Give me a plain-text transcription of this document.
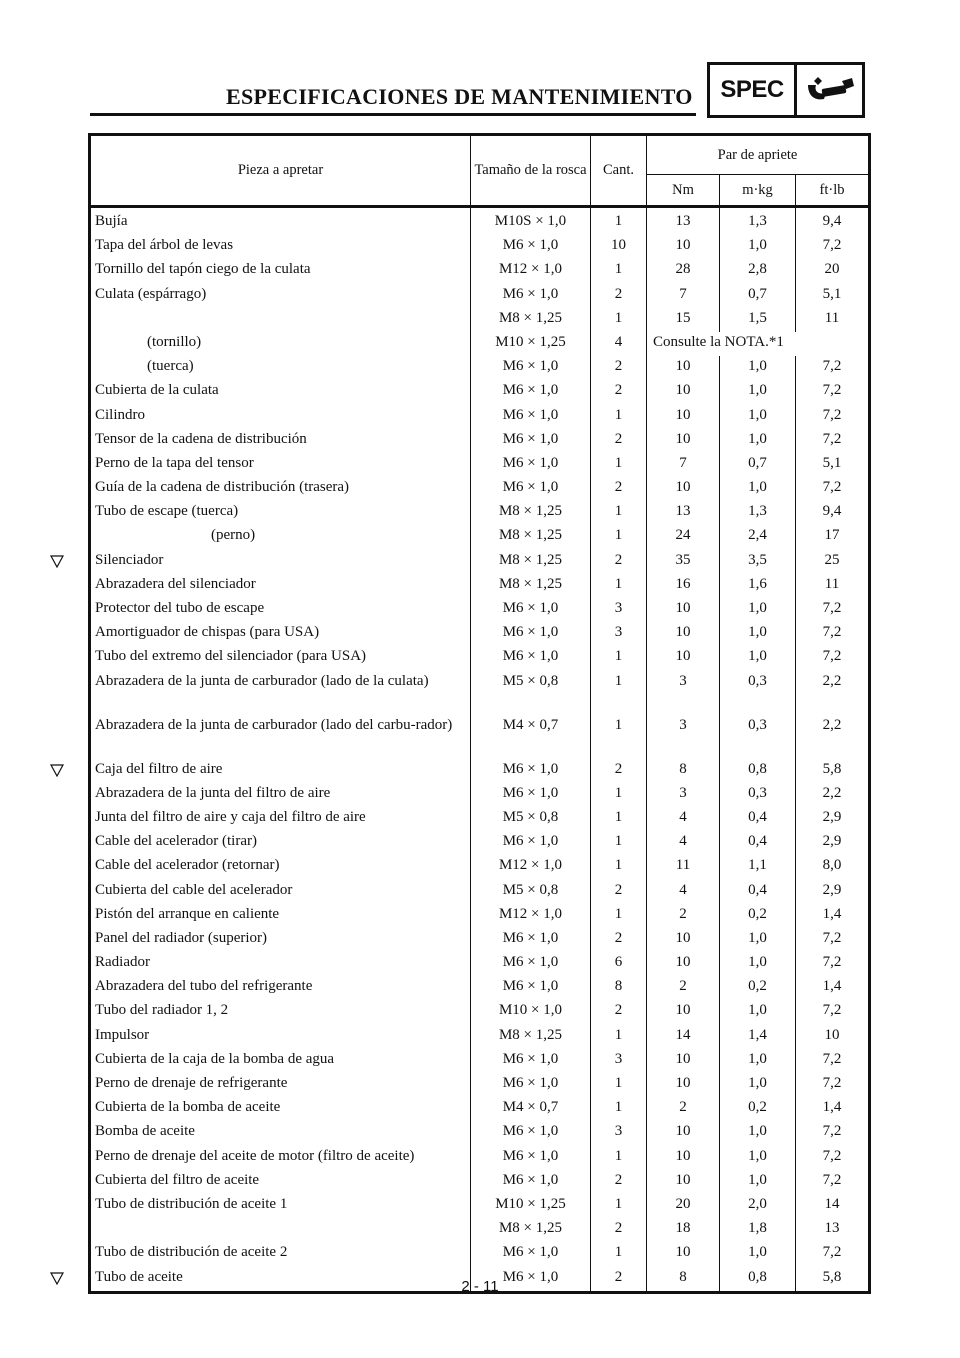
ESPECIFICACIONES DE MANTENIMIENTO	SPEC
Pieza a apretar	Tamaño de la rosca	Cant.	Par de apriete		
			Nm	m·kg	ft·lb
Bujía	M10S × 1,0	1	13	1,3	9,4
Tapa del árbol de levas	M6 × 1,0	10	10	1,0	7,2
Tornillo del tapón ciego de la culata	M12 × 1,0	1	28	2,8	20
Culata (espárrago)	M6 × 1,0	2	7	0,7	5,1
	M8 × 1,25	1	15	1,5	11
(tornillo)	M10 × 1,25	4	Consulte la NOTA.*1		
(tuerca)	M6 × 1,0	2	10	1,0	7,2
Cubierta de la culata	M6 × 1,0	2	10	1,0	7,2
Cilindro	M6 × 1,0	1	10	1,0	7,2
Tensor de la cadena de distribución	M6 × 1,0	2	10	1,0	7,2
Perno de la tapa del tensor	M6 × 1,0	1	7	0,7	5,1
Guía de la cadena de distribución (trasera)	M6 × 1,0	2	10	1,0	7,2
Tubo de escape (tuerca)	M8 × 1,25	1	13	1,3	9,4
(perno)	M8 × 1,25	1	24	2,4	17
Silenciador	M8 × 1,25	2	35	3,5	25
Abrazadera del silenciador	M8 × 1,25	1	16	1,6	11
Protector del tubo de escape	M6 × 1,0	3	10	1,0	7,2
Amortiguador de chispas (para USA)	M6 × 1,0	3	10	1,0	7,2
Tubo del extremo del silenciador (para USA)	M6 × 1,0	1	10	1,0	7,2
Abrazadera de la junta de carburador (lado de la culata)	M5 × 0,8	1	3	0,3	2,2
Abrazadera de la junta de carburador (lado del carbu-rador)	M4 × 0,7	1	3	0,3	2,2
Caja del filtro de aire	M6 × 1,0	2	8	0,8	5,8
Abrazadera de la junta del filtro de aire	M6 × 1,0	1	3	0,3	2,2
Junta del filtro de aire y caja del filtro de aire	M5 × 0,8	1	4	0,4	2,9
Cable del acelerador (tirar)	M6 × 1,0	1	4	0,4	2,9
Cable del acelerador (retornar)	M12 × 1,0	1	11	1,1	8,0
Cubierta del cable del acelerador	M5 × 0,8	2	4	0,4	2,9
Pistón del arranque en caliente	M12 × 1,0	1	2	0,2	1,4
Panel del radiador (superior)	M6 × 1,0	2	10	1,0	7,2
Radiador	M6 × 1,0	6	10	1,0	7,2
Abrazadera del tubo del refrigerante	M6 × 1,0	8	2	0,2	1,4
Tubo del radiador 1, 2	M10 × 1,0	2	10	1,0	7,2
Impulsor	M8 × 1,25	1	14	1,4	10
Cubierta de la caja de la bomba de agua	M6 × 1,0	3	10	1,0	7,2
Perno de drenaje de refrigerante	M6 × 1,0	1	10	1,0	7,2
Cubierta de la bomba de aceite	M4 × 0,7	1	2	0,2	1,4
Bomba de aceite	M6 × 1,0	3	10	1,0	7,2
Perno de drenaje del aceite de motor (filtro de aceite)	M6 × 1,0	1	10	1,0	7,2
Cubierta del filtro de aceite	M6 × 1,0	2	10	1,0	7,2
Tubo de distribución de aceite 1	M10 × 1,25	1	20	2,0	14
	M8 × 1,25	2	18	1,8	13
Tubo de distribución de aceite 2	M6 × 1,0	1	10	1,0	7,2
Tubo de aceite	M6 × 1,0	2	8	0,8	5,8
2 - 11
